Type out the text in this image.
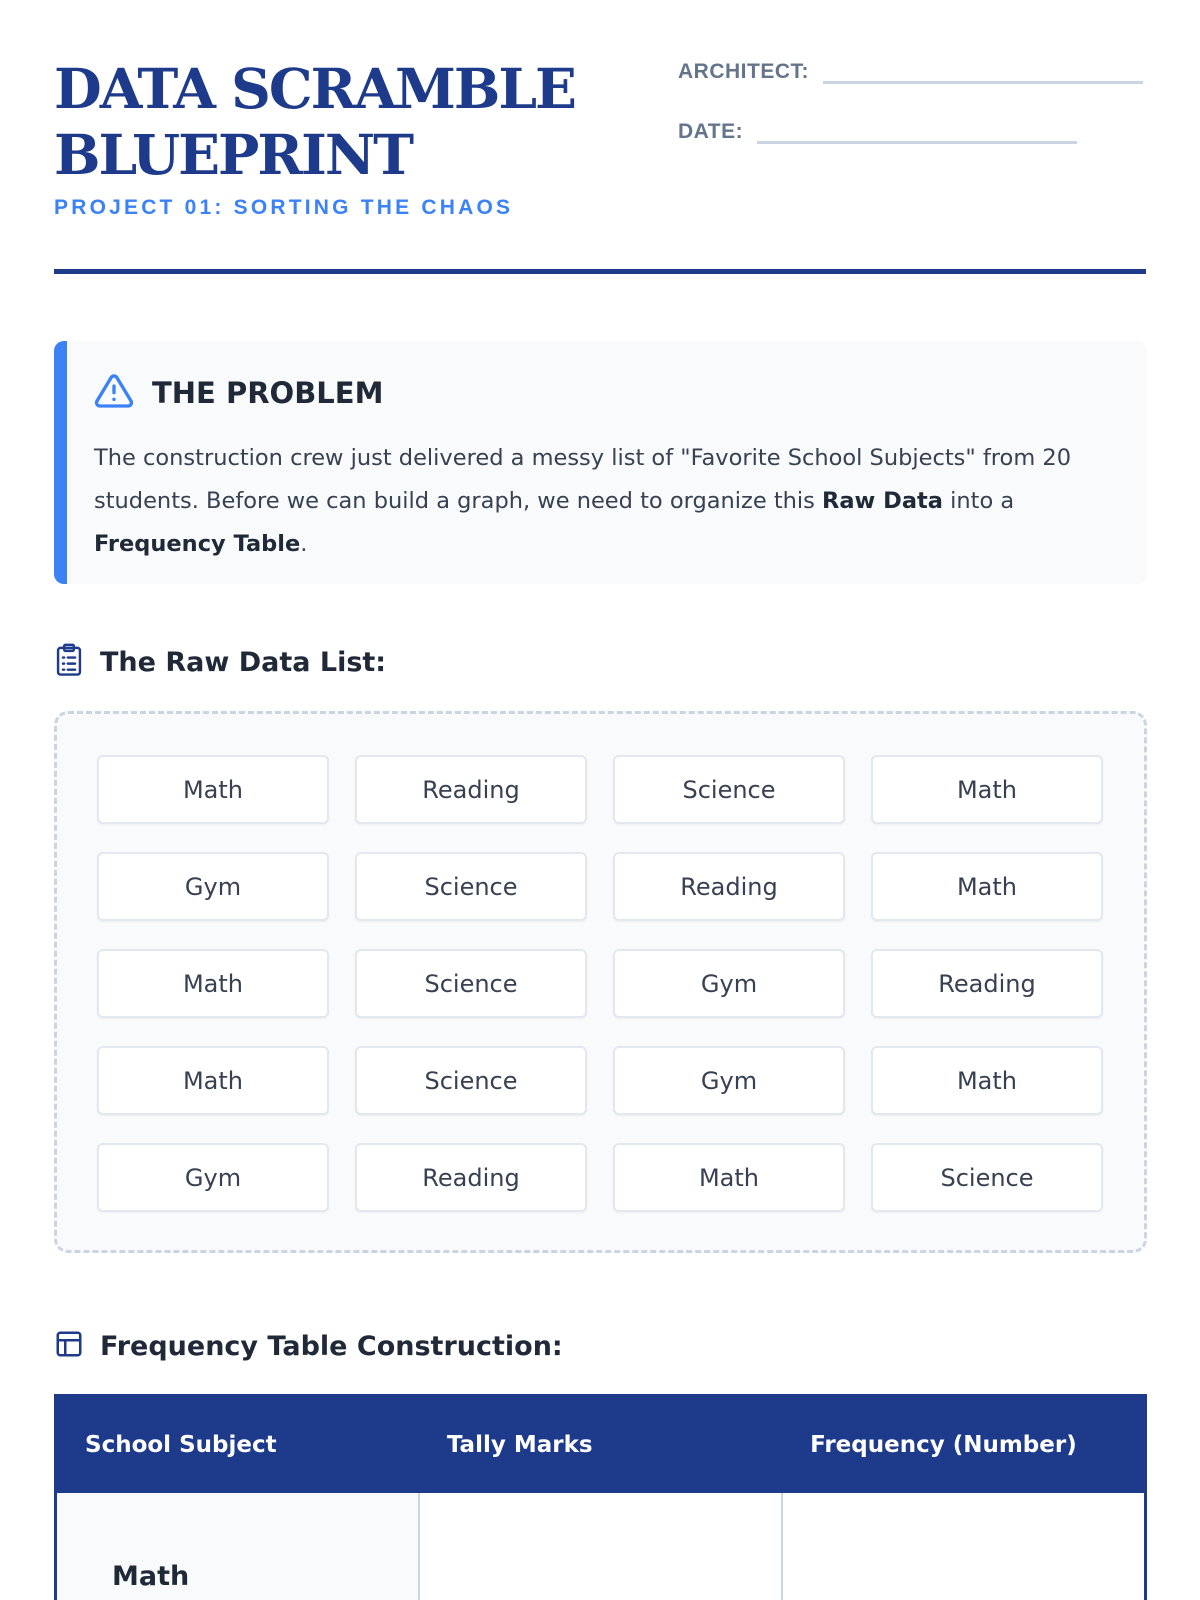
DATA SCRAMBLE
BLUEPRINT
PROJECT 01: SORTING THE CHAOS
ARCHITECT:
DATE:
THE PROBLEM

The construction crew just delivered a messy list of "Favorite School Subjects" from 20 students. Before we can build a graph, we need to organize this Raw Data into a Frequency Table.

The Raw Data List:
Math	Reading	Science	Math
Gym	Science	Reading	Math
Math	Science	Gym	Reading
Math	Science	Gym	Math
Gym	Reading	Math	Science
Frequency Table Construction:
School Subject	Tally Marks	Frequency (Number)
Math		
